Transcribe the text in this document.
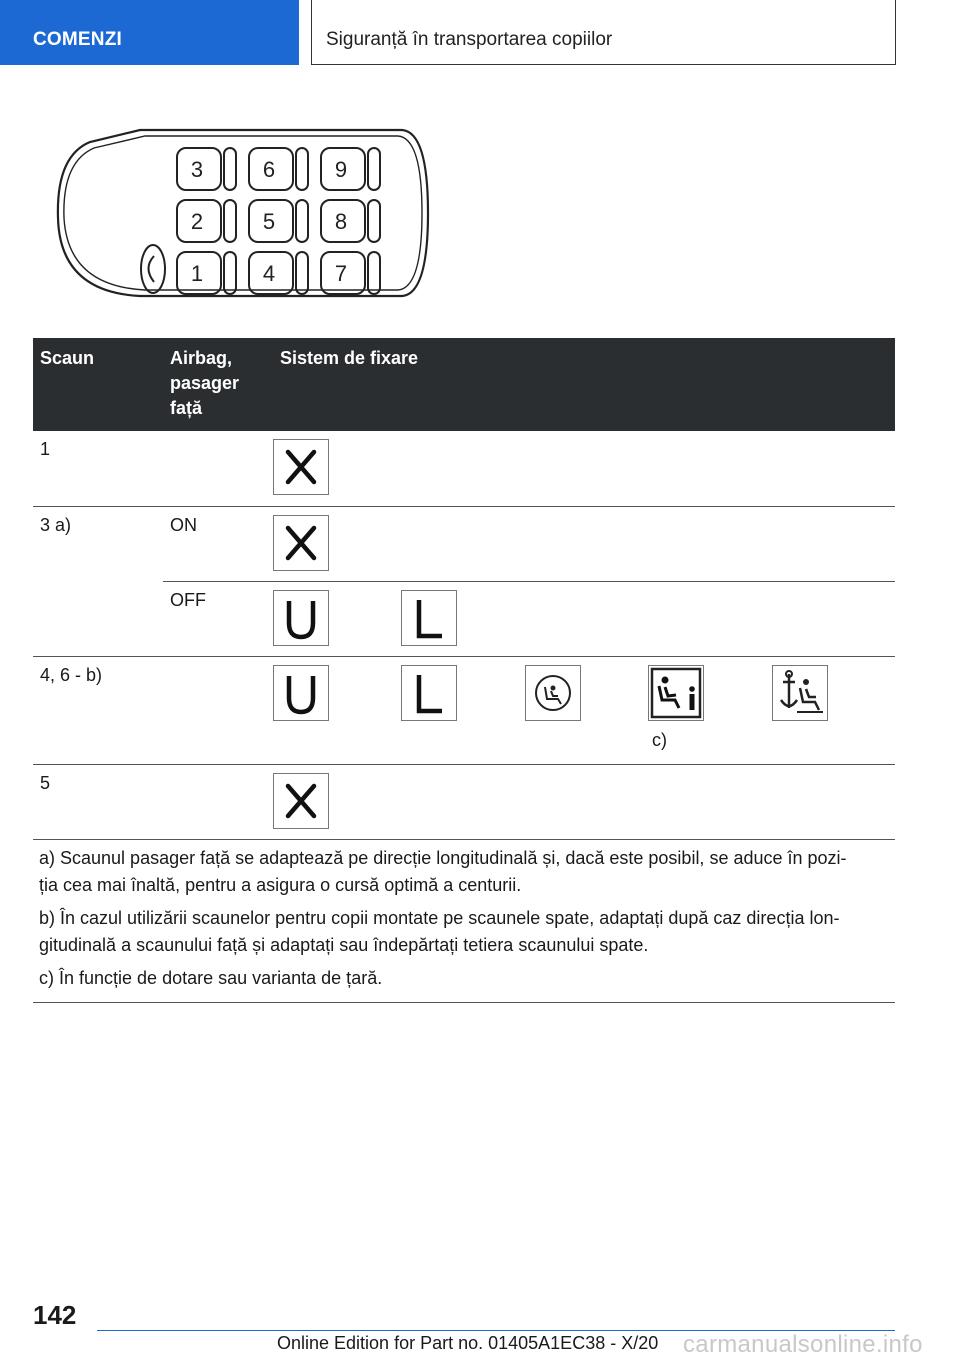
COMENZI	Siguranță în transportarea copiilor
3	6	9
2	5	8
1	4	7
Scaun	Airbag,
pasager
față	Sistem de fixare
1		

3 a)	ON	

	OFF	

4, 6 - b)		c)

5		

a) Scaunul pasager față se adaptează pe direcție longitudinală și, dacă este posibil, se aduce în pozi‐
ția cea mai înaltă, pentru a asigura o cursă optimă a centurii.

b) În cazul utilizării scaunelor pentru copii montate pe scaunele spate, adaptați după caz direcția lon‐
gitudinală a scaunului față și adaptați sau îndepărtați tetiera scaunului spate.

c) În funcție de dotare sau varianta de țară.

142
Online Edition for Part no. 01405A1EC38 - X/20 carmanualsonline.info
